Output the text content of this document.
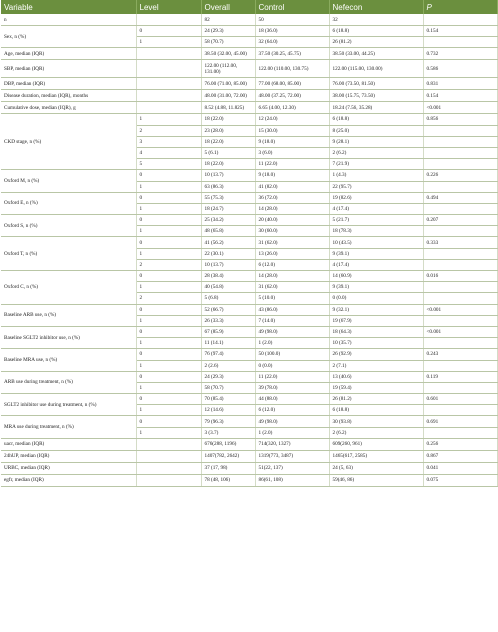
Variable	Level	Overall	Control	Nefecon	P
n		82	50	32	
Sex, n (%)	0	24 (29.3)	18 (36.0)	6 (18.8)	0.154
	1	58 (70.7)	32 (64.0)	26 (81.2)	
Age, median (IQR)		38.50 (32.00, 45.00)	37.50 (30.25, 45.75)	38.50 (33.00, 44.25)	0.732
SBP, median (IQR)		122.00 (112.00, 131.00)	122.00 (110.00, 130.75)	122.00 (115.00, 130.00)	0.586
DBP, median (IQR)		76.00 (71.00, 85.00)	77.00 (68.00, 85.00)	76.00 (73.50, 81.50)	0.831
Disease duration, median (IQR), months		48.00 (31.00, 72.00)	48.00 (37.25, 72.00)	38.00 (15.75, 73.50)	0.154
Cumulative dose, median (IQR), g		8.52 (4.88, 11.825)	6.65 (4.00, 12.30)	18.24 (7.56, 35.28)	<0.001
CKD stage, n (%)	1	18 (22.0)	12 (24.0)	6 (18.8)	0.856
	2	23 (28.0)	15 (30.0)	8 (25.0)	
	3	18 (22.0)	9 (18.0)	9 (28.1)	
	4	5 (6.1)	3 (6.0)	2 (6.2)	
	5	18 (22.0)	11 (22.0)	7 (21.9)	
Oxford M, n (%)	0	10 (13.7)	9 (18.0)	1 (4.3)	0.226
	1	63 (86.3)	41 (82.0)	22 (95.7)	
Oxford E, n (%)	0	55 (75.3)	36 (72.0)	19 (82.6)	0.494
	1	18 (24.7)	14 (28.0)	4 (17.4)	
Oxford S, n (%)	0	25 (34.2)	20 (40.0)	5 (21.7)	0.207
	1	48 (65.8)	30 (60.0)	18 (78.3)	
Oxford T, n (%)	0	41 (56.2)	31 (62.0)	10 (43.5)	0.333
	1	22 (30.1)	13 (26.0)	9 (39.1)	
	2	10 (13.7)	6 (12.0)	4 (17.4)	
Oxford C, n (%)	0	28 (38.4)	14 (28.0)	14 (60.9)	0.016
	1	40 (54.8)	31 (62.0)	9 (39.1)	
	2	5 (6.8)	5 (10.0)	0 (0.0)	
Baseline ARB use, n (%)	0	52 (66.7)	43 (86.0)	9 (32.1)	<0.001
	1	26 (33.3)	7 (14.0)	19 (67.9)	
Baseline SGLT2 inhibitor use, n (%)	0	67 (85.9)	49 (98.0)	18 (64.3)	<0.001
	1	11 (14.1)	1 (2.0)	10 (35.7)	
Baseline MRA use, n (%)	0	76 (97.4)	50 (100.0)	26 (92.9)	0.243
	1	2 (2.6)	0 (0.0)	2 (7.1)	
ARB use during treatment, n (%)	0	24 (29.3)	11 (22.0)	13 (40.6)	0.119
	1	58 (70.7)	39 (78.0)	19 (59.4)	
SGLT2 inhibitor use during treatment, n (%)	0	70 (85.4)	44 (88.0)	26 (81.2)	0.601
	1	12 (14.6)	6 (12.0)	6 (18.8)	
MRA use during treatment, n (%)	0	79 (96.3)	49 (98.0)	30 (93.8)	0.691
	1	3 (3.7)	1 (2.0)	2 (6.2)	
uacr, median (IQR)		676(288, 1196)	714(320, 1327)	609(260, 961)	0.256
24hUP, median (IQR)		1407(782, 2642)	1319(773, 3487)	1465(617, 2585)	0.867
URBC, median (IQR)		37 (17, 98)	51(22, 137)	24 (5, 63)	0.041
egfr, median (IQR)		78 (48, 106)	86(61, 108)	59(46, 86)	0.075
